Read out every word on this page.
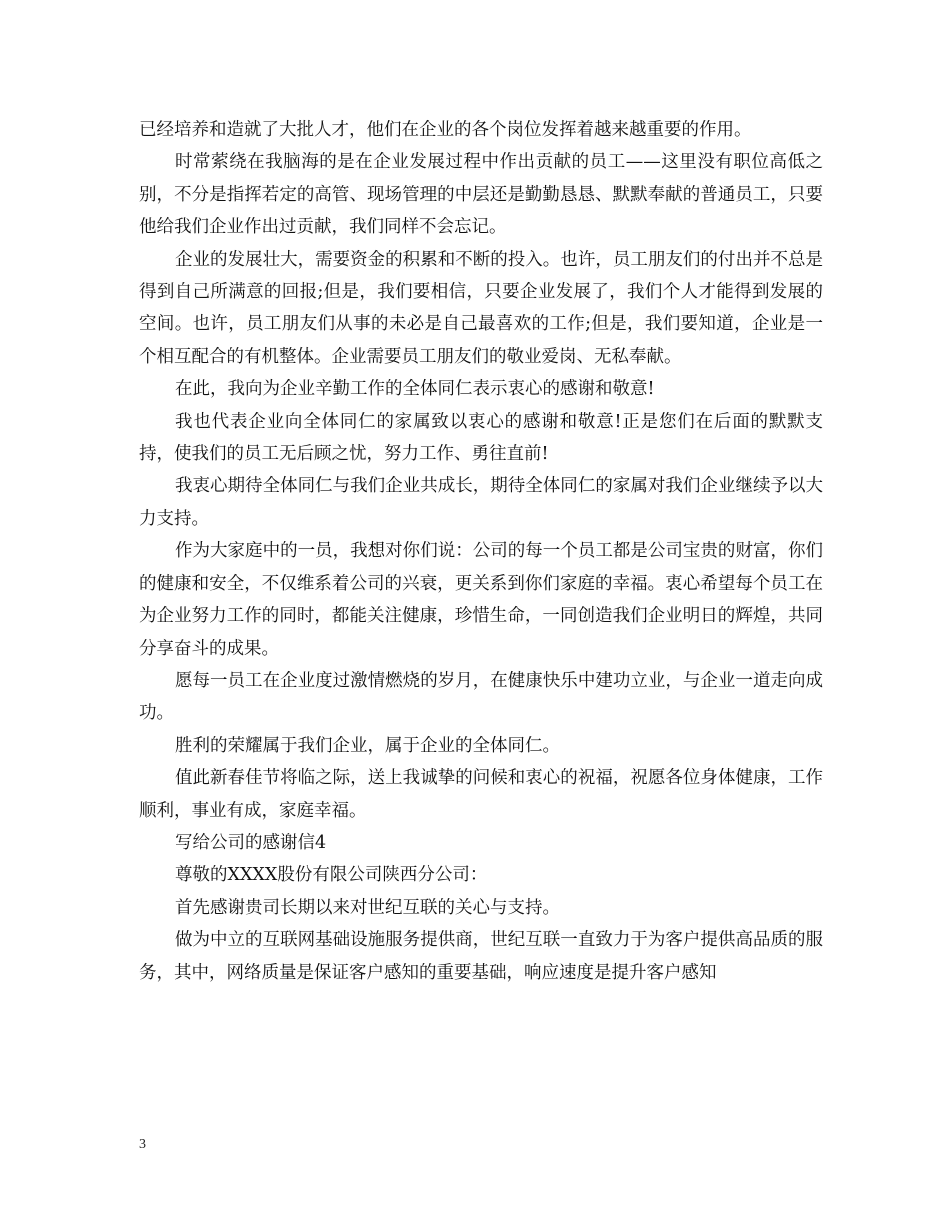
已经培养和造就了大批人才，他们在企业的各个岗位发挥着越来越重要的作用。

时常萦绕在我脑海的是在企业发展过程中作出贡献的员工——这里没有职位高低之别，不分是指挥若定的高管、现场管理的中层还是勤勤恳恳、默默奉献的普通员工，只要他给我们企业作出过贡献，我们同样不会忘记。

企业的发展壮大，需要资金的积累和不断的投入。也许，员工朋友们的付出并不总是得到自己所满意的回报;但是，我们要相信，只要企业发展了，我们个人才能得到发展的空间。也许，员工朋友们从事的未必是自己最喜欢的工作;但是，我们要知道，企业是一个相互配合的有机整体。企业需要员工朋友们的敬业爱岗、无私奉献。

在此，我向为企业辛勤工作的全体同仁表示衷心的感谢和敬意!

我也代表企业向全体同仁的家属致以衷心的感谢和敬意!正是您们在后面的默默支持，使我们的员工无后顾之忧，努力工作、勇往直前!

我衷心期待全体同仁与我们企业共成长，期待全体同仁的家属对我们企业继续予以大力支持。

作为大家庭中的一员，我想对你们说：公司的每一个员工都是公司宝贵的财富，你们的健康和安全，不仅维系着公司的兴衰，更关系到你们家庭的幸福。衷心希望每个员工在为企业努力工作的同时，都能关注健康，珍惜生命，一同创造我们企业明日的辉煌，共同分享奋斗的成果。

愿每一员工在企业度过激情燃烧的岁月，在健康快乐中建功立业，与企业一道走向成功。

胜利的荣耀属于我们企业，属于企业的全体同仁。

值此新春佳节将临之际，送上我诚挚的问候和衷心的祝福，祝愿各位身体健康，工作顺利，事业有成，家庭幸福。

写给公司的感谢信4

尊敬的XXXX股份有限公司陕西分公司：

首先感谢贵司长期以来对世纪互联的关心与支持。

做为中立的互联网基础设施服务提供商，世纪互联一直致力于为客户提供高品质的服务，其中，网络质量是保证客户感知的重要基础，响应速度是提升客户感知

3
